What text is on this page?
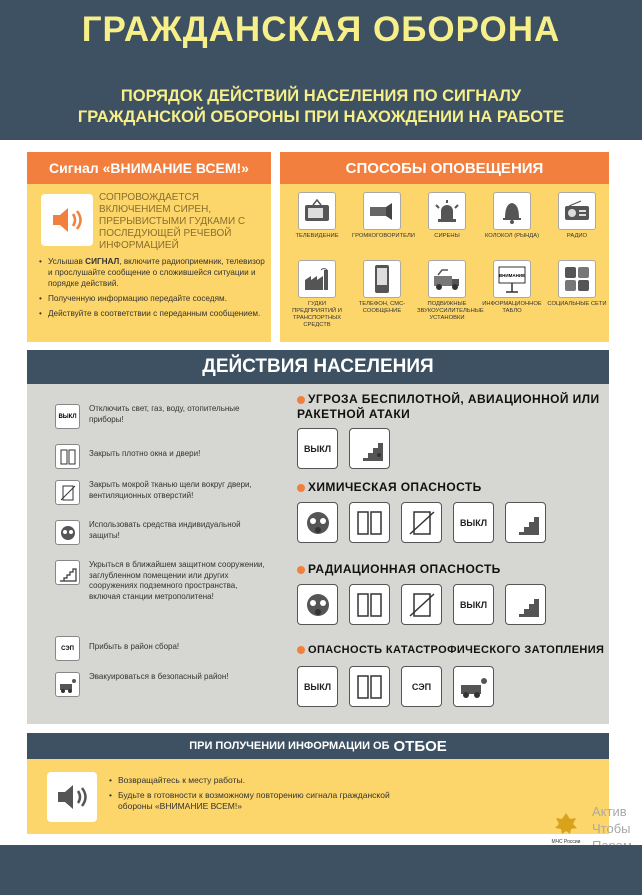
ГРАЖДАНСКАЯ ОБОРОНА
ПОРЯДОК ДЕЙСТВИЙ НАСЕЛЕНИЯ ПО СИГНАЛУ
ГРАЖДАНСКОЙ ОБОРОНЫ ПРИ НАХОЖДЕНИИ НА РАБОТЕ
Сигнал «ВНИМАНИЕ ВСЕМ!»
СОПРОВОЖДАЕТСЯ ВКЛЮЧЕНИЕМ СИРЕН, ПРЕРЫВИСТЫМИ ГУДКАМИ С ПОСЛЕДУЮЩЕЙ РЕЧЕВОЙ ИНФОРМАЦИЕЙ
• Услышав СИГНАЛ, включите радиоприемник, телевизор и прослушайте сообщение о сложившейся ситуации и порядке действий.
• Полученную информацию передайте соседям.
• Действуйте в соответствии с переданным сообщением.
СПОСОБЫ ОПОВЕЩЕНИЯ
ТЕЛЕВИДЕНИЕ	ГРОМКОГОВОРИТЕЛИ	СИРЕНЫ	КОЛОКОЛ (РЫНДА)	РАДИО
ГУДКИ ПРЕДПРИЯТИЙ И ТРАНСПОРТНЫХ СРЕДСТВ
ТЕЛЕФОН, СМС-СООБЩЕНИЕ
ПОДВИЖНЫЕ ЗВУКОУСИЛИТЕЛЬНЫЕ УСТАНОВКИ
ВНИМАНИЕ
ИНФОРМАЦИОННОЕ ТАБЛО
СОЦИАЛЬНЫЕ СЕТИ
ДЕЙСТВИЯ НАСЕЛЕНИЯ
ВЫКЛ
Отключить свет, газ, воду, отопительные приборы!
Закрыть плотно окна и двери!
Закрыть мокрой тканью щели вокруг двери, вентиляционных отверстий!
Использовать средства индивидуальной защиты!
Укрыться в ближайшем защитном сооружении, заглубленном помещении или других сооружениях подземного пространства, включая станции метрополитена!
СЭП	Прибыть в район сбора!
Эвакуироваться в безопасный район!
УГРОЗА БЕСПИЛОТНОЙ, АВИАЦИОННОЙ ИЛИ РАКЕТНОЙ АТАКИ
ВЫКЛ
ХИМИЧЕСКАЯ ОПАСНОСТЬ
ВЫКЛ
РАДИАЦИОННАЯ ОПАСНОСТЬ
ВЫКЛ
ОПАСНОСТЬ КАТАСТРОФИЧЕСКОГО ЗАТОПЛЕНИЯ
ВЫКЛ	СЭП
ПРИ ПОЛУЧЕНИИ ИНФОРМАЦИИ ОБ ОТБОЕ
• Возвращайтесь к месту работы.
• Будьте в готовности к возможному повторению сигнала гражданской обороны «ВНИМАНИЕ ВСЕМ!»
МЧС России
Актив
Чтобы
